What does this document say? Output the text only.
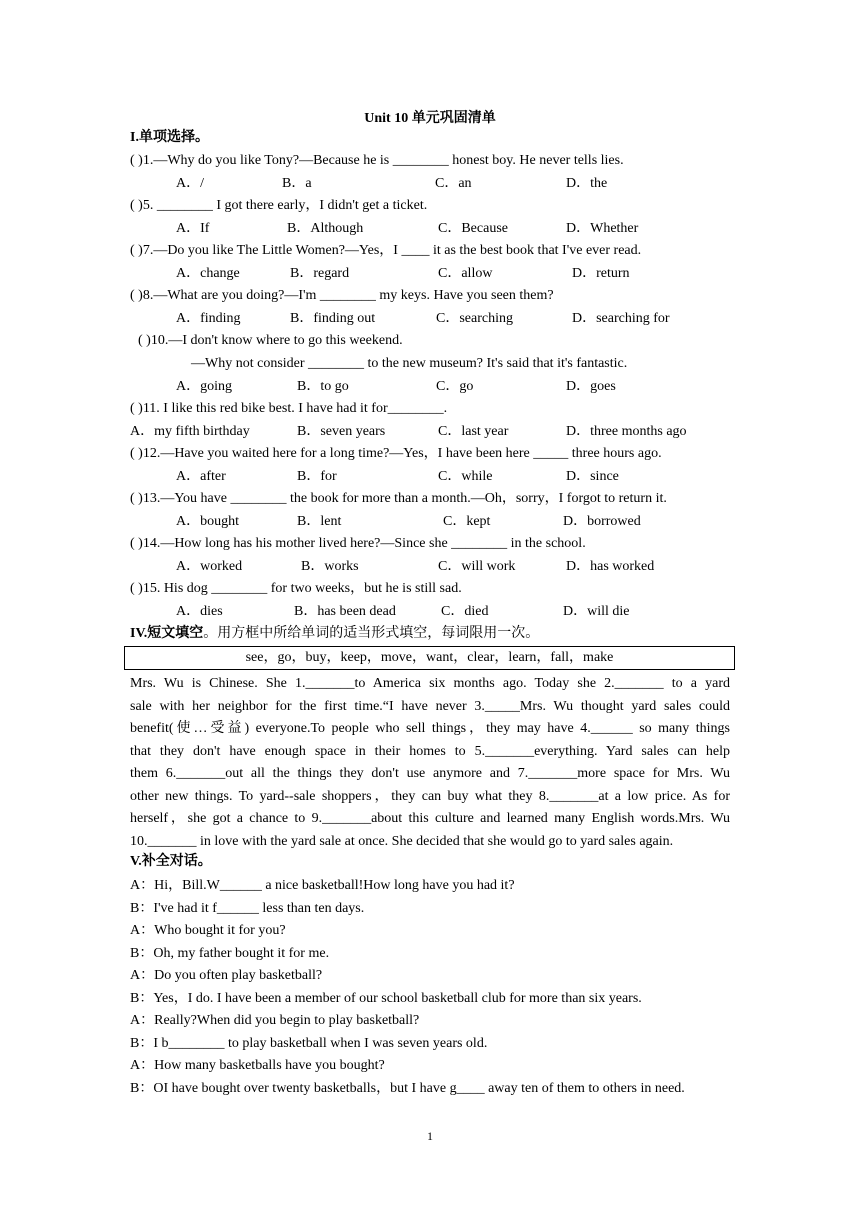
Unit 10 单元巩固清单
I.单项选择。
( )1.—Why do you like Tony?—Because he is ________ honest boy. He never tells lies.
A．/	B．a	C．an	D．the
( )5. ________ I got there early，I didn't get a ticket.
A．If	B．Although	C．Because	D．Whether
( )7.—Do you like The Little Women?—Yes，I ____ it as the best book that I've ever read.
A．change	B．regard	C．allow	D．return
( )8.—What are you doing?—I'm ________ my keys. Have you seen them?
A．finding	B．finding out	C．searching	D．searching for
( )10.—I don't know where to go this weekend.
—Why not consider ________ to the new museum? It's said that it's fantastic.
A．going	B．to go	C．go	D．goes
( )11. I like this red bike best. I have had it for________.
A．my fifth birthday	B．seven years	C．last year	D．three months ago
( )12.—Have you waited here for a long time?—Yes，I have been here _____ three hours ago.
A．after	B．for	C．while	D．since
( )13.—You have ________ the book for more than a month.—Oh，sorry，I forgot to return it.
A．bought	B．lent	C．kept	D．borrowed
( )14.—How long has his mother lived here?—Since she ________ in the school.
A．worked	B．works	C．will work	D．has worked
( )15. His dog ________ for two weeks，but he is still sad.
A．dies	B．has been dead	C．died	D．will die
IV.短文填空。用方框中所给单词的适当形式填空，每词限用一次。
see，go，buy，keep，move，want，clear，learn，fall，make
Mrs. Wu is Chinese. She 1._______to America six months ago. Today she 2._______ to a yard
sale with her neighbor for the first time.“I have never 3._____Mrs. Wu thought yard sales could
benefit(使…受益) everyone.To people who sell things，they may have 4.______ so many things
that they don't have enough space in their homes to 5._______everything. Yard sales can help
them 6._______out all the things they don't use anymore and 7._______more space for Mrs. Wu
other new things. To yard--sale shoppers，they can buy what they 8._______at a low price. As for
herself，she got a chance to 9._______about this culture and learned many English words.Mrs. Wu
10._______ in love with the yard sale at once. She decided that she would go to yard sales again.
V.补全对话。
A：Hi，Bill.W______ a nice basketball!How long have you had it?
B：I've had it f______ less than ten days.
A：Who bought it for you?
B：Oh, my father bought it for me.
A：Do you often play basketball?
B：Yes，I do. I have been a member of our school basketball club for more than six years.
A：Really?When did you begin to play basketball?
B：I b________ to play basketball when I was seven years old.
A：How many basketballs have you bought?
B：OI have bought over twenty basketballs，but I have g____ away ten of them to others in need.
1
